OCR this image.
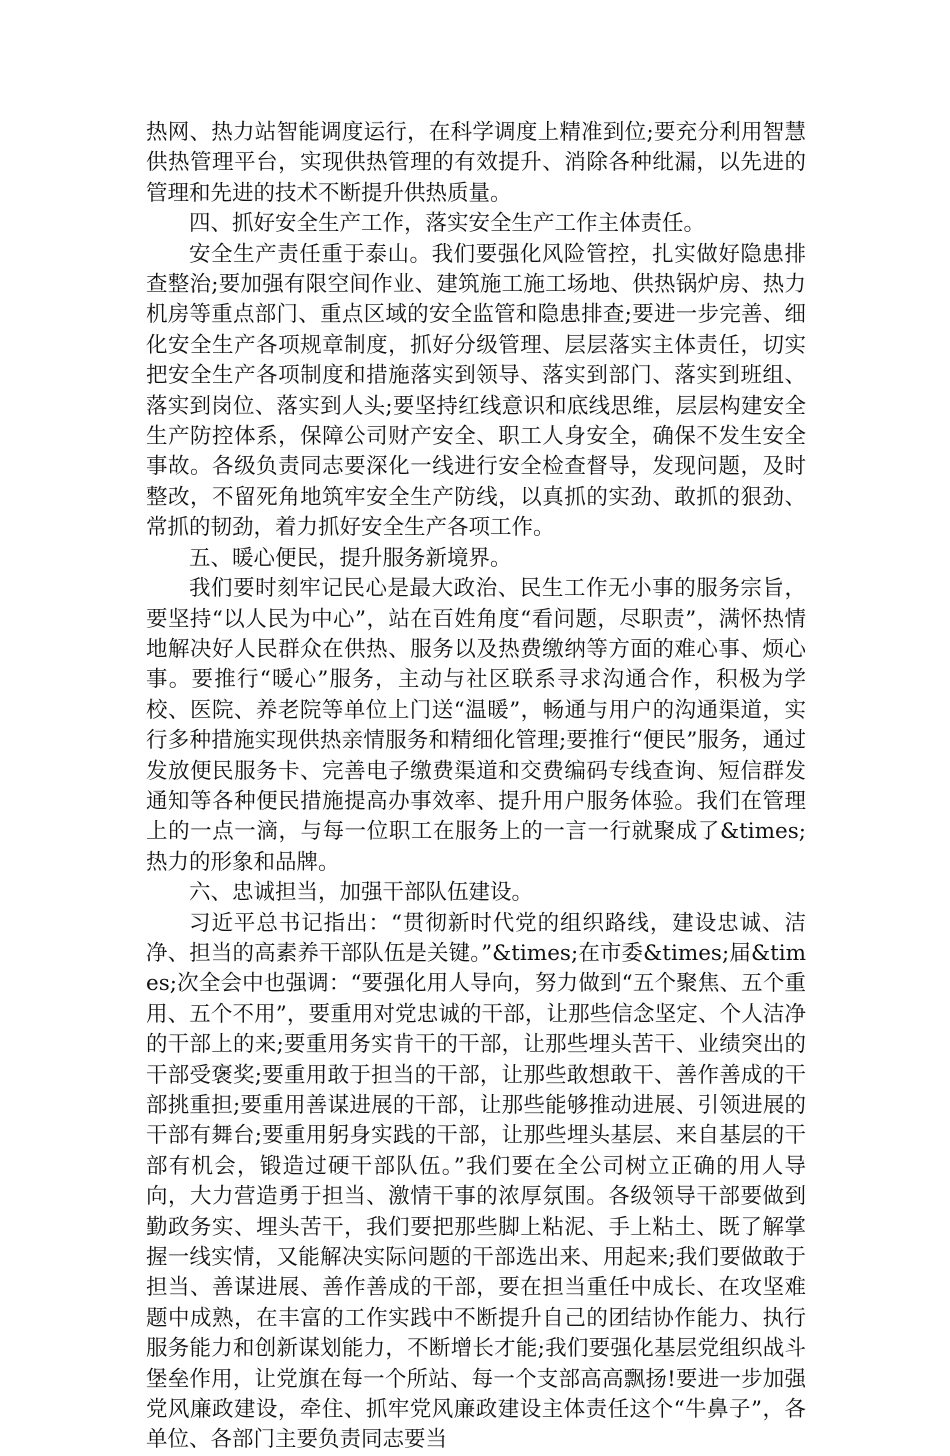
热网、热力站智能调度运行，在科学调度上精准到位;要充分利用智慧供热管理平台，实现供热管理的有效提升、消除各种纰漏，以先进的管理和先进的技术不断提升供热质量。

四、抓好安全生产工作，落实安全生产工作主体责任。

安全生产责任重于泰山。我们要强化风险管控，扎实做好隐患排查整治;要加强有限空间作业、建筑施工施工场地、供热锅炉房、热力机房等重点部门、重点区域的安全监管和隐患排查;要进一步完善、细化安全生产各项规章制度，抓好分级管理、层层落实主体责任，切实把安全生产各项制度和措施落实到领导、落实到部门、落实到班组、落实到岗位、落实到人头;要坚持红线意识和底线思维，层层构建安全生产防控体系，保障公司财产安全、职工人身安全，确保不发生安全事故。各级负责同志要深化一线进行安全检查督导，发现问题，及时整改，不留死角地筑牢安全生产防线，以真抓的实劲、敢抓的狠劲、常抓的韧劲，着力抓好安全生产各项工作。

五、暖心便民，提升服务新境界。

我们要时刻牢记民心是最大政治、民生工作无小事的服务宗旨，要坚持“以人民为中心”，站在百姓角度“看问题，尽职责”，满怀热情地解决好人民群众在供热、服务以及热费缴纳等方面的难心事、烦心事。要推行“暖心”服务，主动与社区联系寻求沟通合作，积极为学校、医院、养老院等单位上门送“温暖”，畅通与用户的沟通渠道，实行多种措施实现供热亲情服务和精细化管理;要推行“便民”服务，通过发放便民服务卡、完善电子缴费渠道和交费编码专线查询、短信群发通知等各种便民措施提高办事效率、提升用户服务体验。我们在管理上的一点一滴，与每一位职工在服务上的一言一行就聚成了&times;热力的形象和品牌。

六、忠诚担当，加强干部队伍建设。

习近平总书记指出：“贯彻新时代党的组织路线，建设忠诚、洁净、担当的高素养干部队伍是关键。”&times;在市委&times;届&times;次全会中也强调：“要强化用人导向，努力做到“五个聚焦、五个重用、五个不用”，要重用对党忠诚的干部，让那些信念坚定、个人洁净的干部上的来;要重用务实肯干的干部，让那些埋头苦干、业绩突出的干部受褒奖;要重用敢于担当的干部，让那些敢想敢干、善作善成的干部挑重担;要重用善谋进展的干部，让那些能够推动进展、引领进展的干部有舞台;要重用躬身实践的干部，让那些埋头基层、来自基层的干部有机会，锻造过硬干部队伍。”我们要在全公司树立正确的用人导向，大力营造勇于担当、激情干事的浓厚氛围。各级领导干部要做到勤政务实、埋头苦干，我们要把那些脚上粘泥、手上粘土、既了解掌握一线实情，又能解决实际问题的干部选出来、用起来;我们要做敢于担当、善谋进展、善作善成的干部，要在担当重任中成长、在攻坚难题中成熟，在丰富的工作实践中不断提升自己的团结协作能力、执行服务能力和创新谋划能力，不断增长才能;我们要强化基层党组织战斗堡垒作用，让党旗在每一个所站、每一个支部高高飘扬!要进一步加强党风廉政建设，牵住、抓牢党风廉政建设主体责任这个“牛鼻子”，各单位、各部门主要负责同志要当
